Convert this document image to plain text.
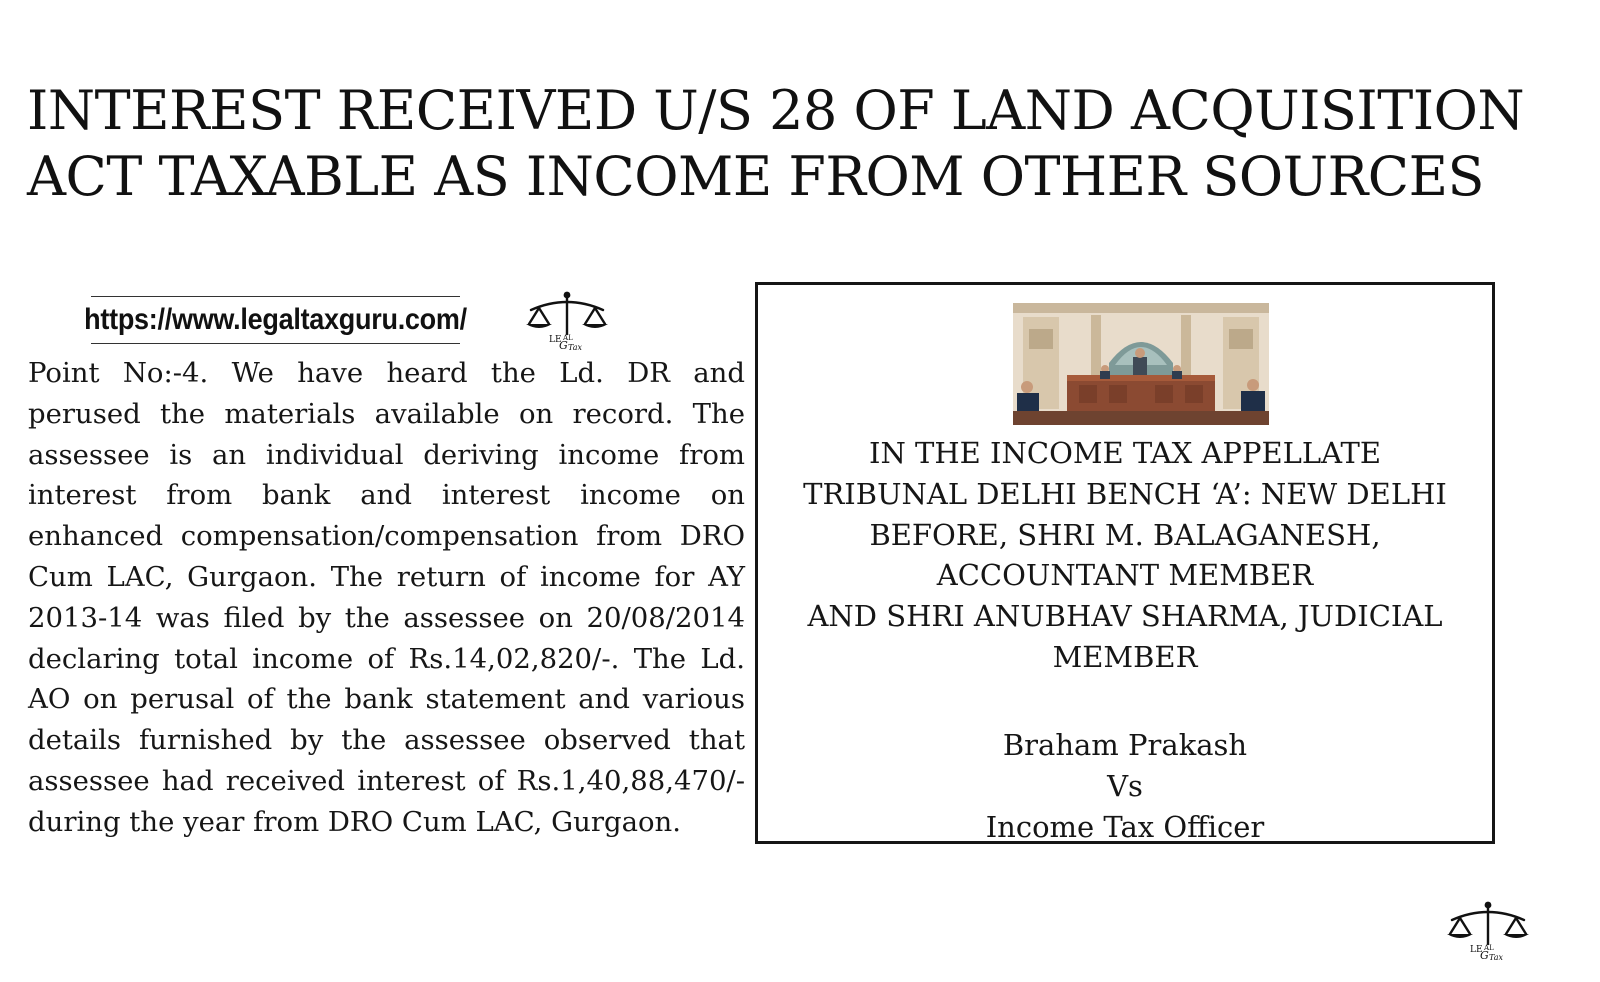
INTEREST RECEIVED U/S 28 OF LAND ACQUISITION
ACT TAXABLE AS INCOME FROM OTHER SOURCES
https://www.legaltaxguru.com/
LE AL
G Tax

Point No:-4. We have heard the Ld. DR and perused the materials available on record. The assessee is an individual deriving income from interest from bank and interest income on enhanced compensation/compensation from DRO Cum LAC, Gurgaon. The return of income for AY 2013-14 was filed by the assessee on 20/08/2014 declaring total income of Rs.14,02,820/-. The Ld. AO on perusal of the bank statement and various details furnished by the assessee observed that assessee had received interest of Rs.1,40,88,470/- during the year from DRO Cum LAC, Gurgaon.

IN THE INCOME TAX APPELLATE
TRIBUNAL DELHI BENCH ‘A’: NEW DELHI
BEFORE, SHRI M. BALAGANESH,
ACCOUNTANT MEMBER
AND SHRI ANUBHAV SHARMA, JUDICIAL
MEMBER
Braham Prakash
Vs
Income Tax Officer
LE AL
G Tax
